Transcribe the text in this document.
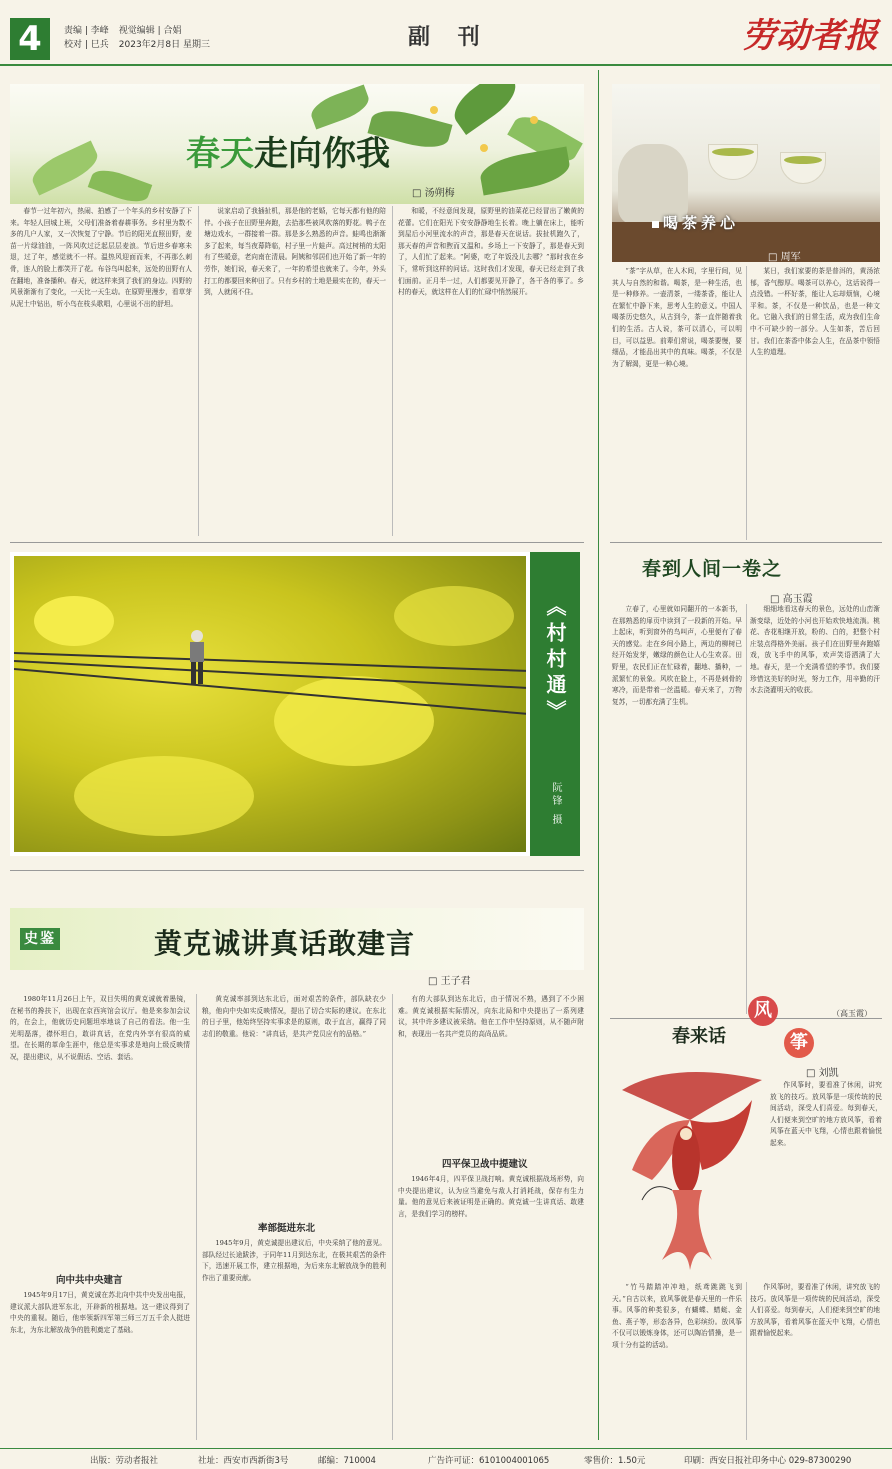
4	责编 | 李峰 视觉编辑 | 合娟
校对 | 巳兵 2023年2月8日 星期三	副 刊	劳动者报
春天走向你我
□ 汤朔梅

春节一过年初六，热闹、拍感了一个年头的乡村安静了下来。年轻人回城上班，父母们准备着春耕事务。乡村里为数不多的几户人家，又一次恢复了宁静。节后的阳光直照田野，麦苗一片绿油油，一阵风吹过泛起层层麦浪。节后进乡春寒未退，过了年，感觉就不一样。温热风迎面而来，不再那么刺骨，连人的脸上都笑开了花。布谷鸟叫起来，远处的田野有人在翻地，准备播种。春天，就这样来到了我们的身边。四野的风景渐渐有了变化，一天比一天生动。在原野里漫步，看草芽从泥土中钻出，听小鸟在枝头歌唱，心里说不出的舒坦。

说家启动了我插扯机，那是他的老婚，它每天都有他的陪伴。小孩子在田野里奔跑，去拾那些被风吹落的野花。鸭子在塘边戏水，一群接着一群。那是多么熟悉的声音。蛙鸣也渐渐多了起来，每当夜幕降临，村子里一片蛙声。高过树梢的太阳有了些暖意，老向南在清晨。阿姨和邻居们也开始了新一年的劳作，她们说，春天来了，一年的希望也就来了。今年，外头打工的都要回来种田了。只有乡村的土地是最实在的，春天一到，人就闲不住。

和暖，不经意间发现，原野里的油菜花已经冒出了嫩黄的花蕾。它们在阳光下安安静静地生长着。晚上躺在床上，能听到屋后小河里流水的声音，那是春天在说话。拔扯机跑久了，那天春的声音和煦而又温和。乡场上一下安静了，那是春天到了，人们忙了起来。“阿婆，吃了年饭没儿去哪？”那时我在乡下，常听到这样的问话。这时我们才发现，春天已经走到了我们面前。正月半一过，人们都要见开静了，各干各的事了。乡村的春天，就这样在人们的忙碌中悄然展开。

喝茶养心
□ 周军

“茶”字从草，在人木间，字里行间，见其人与自然的和谐。喝茶，是一种生活，也是一种修养。一壶清茶，一缕茶香，能让人在繁忙中静下来，思考人生的意义。中国人喝茶历史悠久，从古到今，茶一直伴随着我们的生活。古人说，茶可以清心，可以明目，可以益思。前辈们常说，喝茶要慢，要细品，才能品出其中的真味。喝茶，不仅是为了解渴，更是一种心境。

某日，我们家要的茶是普洱的，黄汤浓郁，香气醇厚。喝茶可以养心，这话说得一点没错。一杯好茶，能让人忘却烦恼，心境平和。茶，不仅是一种饮品，也是一种文化。它融入我们的日常生活，成为我们生命中不可缺少的一部分。人生如茶，苦后回甘。我们在茶香中体会人生，在品茶中领悟人生的道理。

《村村通》
阮锋 摄
春到人间一卷之
□ 高玉霞

立春了，心里就如同翻开的一本新书，在那熟悉的扉页中读到了一段新的开始。早上起床，听到窗外的鸟叫声，心里便有了春天的感觉。走在乡间小路上，两边的柳树已经开始发芽，嫩绿的颜色让人心生欢喜。田野里，农民们正在忙碌着，翻地、播种，一派繁忙的景象。风吹在脸上，不再是刺骨的寒冷，而是带着一丝温暖。春天来了，万物复苏，一切都充满了生机。

细细地看这春天的景色，远处的山峦渐渐变绿，近处的小河也开始欢快地流淌。桃花、杏花相继开放，粉的、白的，把整个村庄装点得格外美丽。孩子们在田野里奔跑嬉戏，放飞手中的风筝，欢声笑语洒满了大地。春天，是一个充满希望的季节。我们要珍惜这美好的时光，努力工作，用辛勤的汗水去浇灌明天的收获。

（高玉霞）
史鉴	黄克诚讲真话敢建言
□ 王子君

1980年11月26日上午，双目失明的黄克诚就着墨镜，在秘书的搀扶下，出现在京西宾馆会议厅。他是来参加会议的，在会上，他就历史问题坦率地谈了自己的看法。他一生光明磊落，襟怀坦白，敢讲真话，在党内外享有很高的威望。在长期的革命生涯中，他总是实事求是地向上级反映情况，提出建议，从不说假话、空话、套话。

向中共中央建言

1945年9月17日，黄克诚在苏北向中共中央发出电报，建议派大部队进军东北，开辟新的根据地。这一建议得到了中央的重视。随后，他率领新四军第三师三万五千余人挺进东北，为东北解放战争的胜利奠定了基础。

黄克诚率部到达东北后，面对艰苦的条件，部队缺衣少粮，他向中央如实反映情况，提出了切合实际的建议。在东北的日子里，他始终坚持实事求是的原则，敢于直言，赢得了同志们的敬重。他说：“讲真话，是共产党员应有的品格。”

率部挺进东北

1945年9月，黄克诚提出建议后，中央采纳了他的意见。部队经过长途跋涉，于同年11月到达东北，在极其艰苦的条件下，迅速开展工作，建立根据地，为后来东北解放战争的胜利作出了重要贡献。

有的大部队到达东北后，由于情况不熟，遇到了不少困难。黄克诚根据实际情况，向东北局和中央提出了一系列建议，其中许多建议被采纳。他在工作中坚持原则，从不随声附和，表现出一名共产党员的高尚品质。

四平保卫战中提建议

1946年4月，四平保卫战打响。黄克诚根据战场形势，向中央提出建议，认为应当避免与敌人打消耗战，保存有生力量。他的意见后来被证明是正确的。黄克诚一生讲真话、敢建言，是我们学习的榜样。

春来话
风
筝
□ 刘凯

作风筝时，要看准了休闲，讲究放飞的技巧。放风筝是一项传统的民间活动，深受人们喜爱。每到春天，人们便来到空旷的地方放风筝，看着风筝在蓝天中飞翔，心情也跟着愉悦起来。

“竹马踏踏冲冲地，纸鸢跳跳飞到天。”自古以来，放风筝就是春天里的一件乐事。风筝的种类很多，有蝴蝶、蜻蜓、金鱼、燕子等，形态各异，色彩缤纷。放风筝不仅可以锻炼身体，还可以陶冶情操，是一项十分有益的活动。

作风筝时，要看准了休闲，讲究放飞的技巧。放风筝是一项传统的民间活动，深受人们喜爱。每到春天，人们便来到空旷的地方放风筝，看着风筝在蓝天中飞翔，心情也跟着愉悦起来。

出版：劳动者报社	社址：西安市西新街3号	邮编：710004	广告许可证：6101004001065	零售价：1.50元	印刷：西安日报社印务中心 029-87300290
